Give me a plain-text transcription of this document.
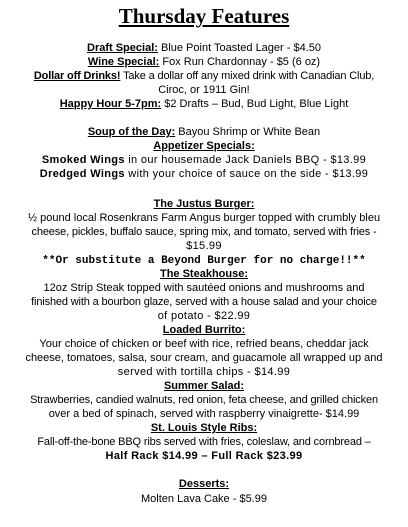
Thursday Features
Draft Special: Blue Point Toasted Lager - $4.50
Wine Special: Fox Run Chardonnay - $5 (6 oz)
Dollar off Drinks! Take a dollar off any mixed drink with Canadian Club,
Ciroc, or 1911 Gin!
Happy Hour 5-7pm: $2 Drafts – Bud, Bud Light, Blue Light
Soup of the Day: Bayou Shrimp or White Bean
Appetizer Specials:
Smoked Wings in our housemade Jack Daniels BBQ - $13.99
Dredged Wings with your choice of sauce on the side - $13.99
The Justus Burger:
½ pound local Rosenkrans Farm Angus burger topped with crumbly bleu
cheese, pickles, buffalo sauce, spring mix, and tomato, served with fries -
$15.99
**Or substitute a Beyond Burger for no charge!!**
The Steakhouse:
12oz Strip Steak topped with sautéed onions and mushrooms and
finished with a bourbon glaze, served with a house salad and your choice
of potato - $22.99
Loaded Burrito:
Your choice of chicken or beef with rice, refried beans, cheddar jack
cheese, tomatoes, salsa, sour cream, and guacamole all wrapped up and
served with tortilla chips - $14.99
Summer Salad:
Strawberries, candied walnuts, red onion, feta cheese, and grilled chicken
over a bed of spinach, served with raspberry vinaigrette- $14.99
St. Louis Style Ribs:
Fall-off-the-bone BBQ ribs served with fries, coleslaw, and cornbread –
Half Rack $14.99 – Full Rack $23.99
Desserts:
Molten Lava Cake - $5.99
